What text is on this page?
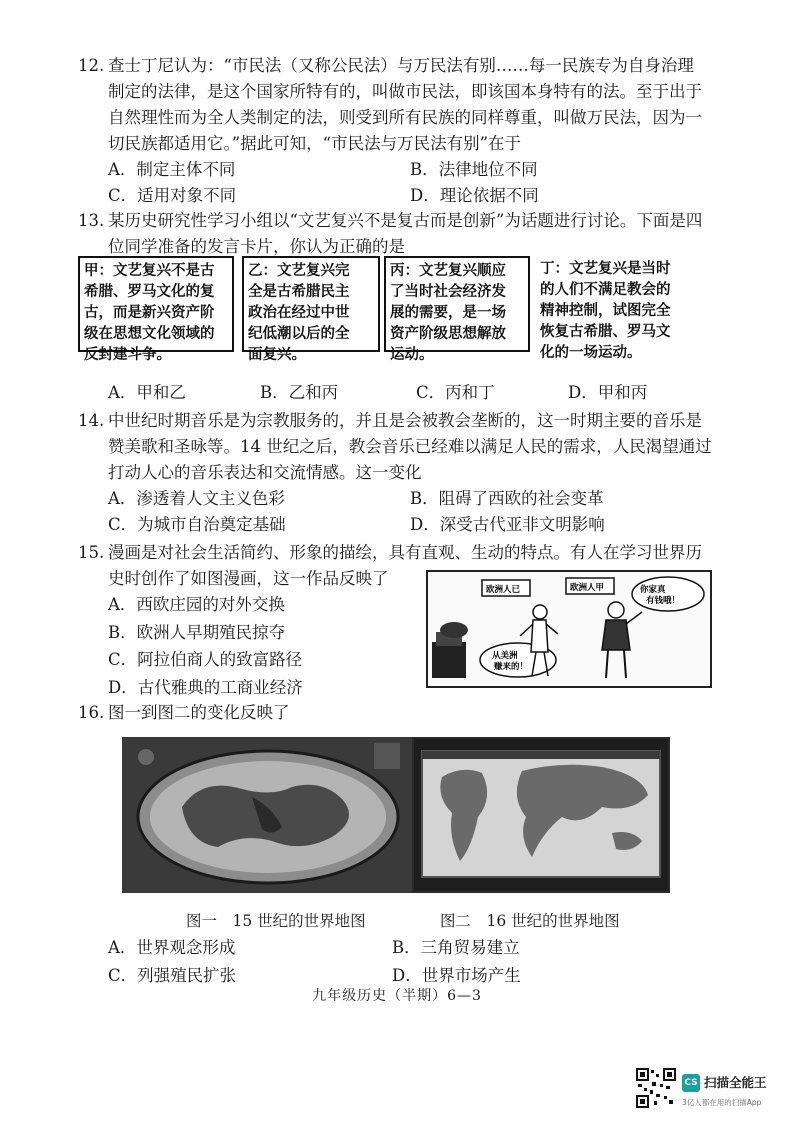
12. 查士丁尼认为：“市民法（又称公民法）与万民法有别……每一民族专为自身治理
制定的法律，是这个国家所特有的，叫做市民法，即该国本身特有的法。至于出于
自然理性而为全人类制定的法，则受到所有民族的同样尊重，叫做万民法，因为一
切民族都适用它。”据此可知，“市民法与万民法有别”在于
A．制定主体不同	B．法律地位不同
C．适用对象不同	D．理论依据不同
13. 某历史研究性学习小组以“文艺复兴不是复古而是创新”为话题进行讨论。下面是四
位同学准备的发言卡片，你认为正确的是
甲：文艺复兴不是古
希腊、罗马文化的复
古，而是新兴资产阶
级在思想文化领域的
反封建斗争。
乙：文艺复兴完
全是古希腊民主
政治在经过中世
纪低潮以后的全
面复兴。
丙：文艺复兴顺应
了当时社会经济发
展的需要，是一场
资产阶级思想解放
运动。
丁：文艺复兴是当时
的人们不满足教会的
精神控制，试图完全
恢复古希腊、罗马文
化的一场运动。
A．甲和乙	B．乙和丙	C．丙和丁	D．甲和丙
14. 中世纪时期音乐是为宗教服务的，并且是会被教会垄断的，这一时期主要的音乐是
赞美歌和圣咏等。14 世纪之后，教会音乐已经难以满足人民的需求，人民渴望通过
打动人心的音乐表达和交流情感。这一变化
A．渗透着人文主义色彩	B．阻碍了西欧的社会变革
C．为城市自治奠定基础	D．深受古代亚非文明影响
15. 漫画是对社会生活简约、形象的描绘，具有直观、生动的特点。有人在学习世界历
史时创作了如图漫画，这一作品反映了
A．西欧庄园的对外交换
B．欧洲人早期殖民掠夺
C．阿拉伯商人的致富路径
D．古代雅典的工商业经济
欧洲人已	欧洲人甲	你家真
有钱哦！
从美洲
赚来的！
16. 图一到图二的变化反映了
图一　15 世纪的世界地图	图二　16 世纪的世界地图
A．世界观念形成	B．三角贸易建立
C．列强殖民扩张	D．世界市场产生
九年级历史（半期）6—3
CS 扫描全能王
3亿人都在用的扫描App
